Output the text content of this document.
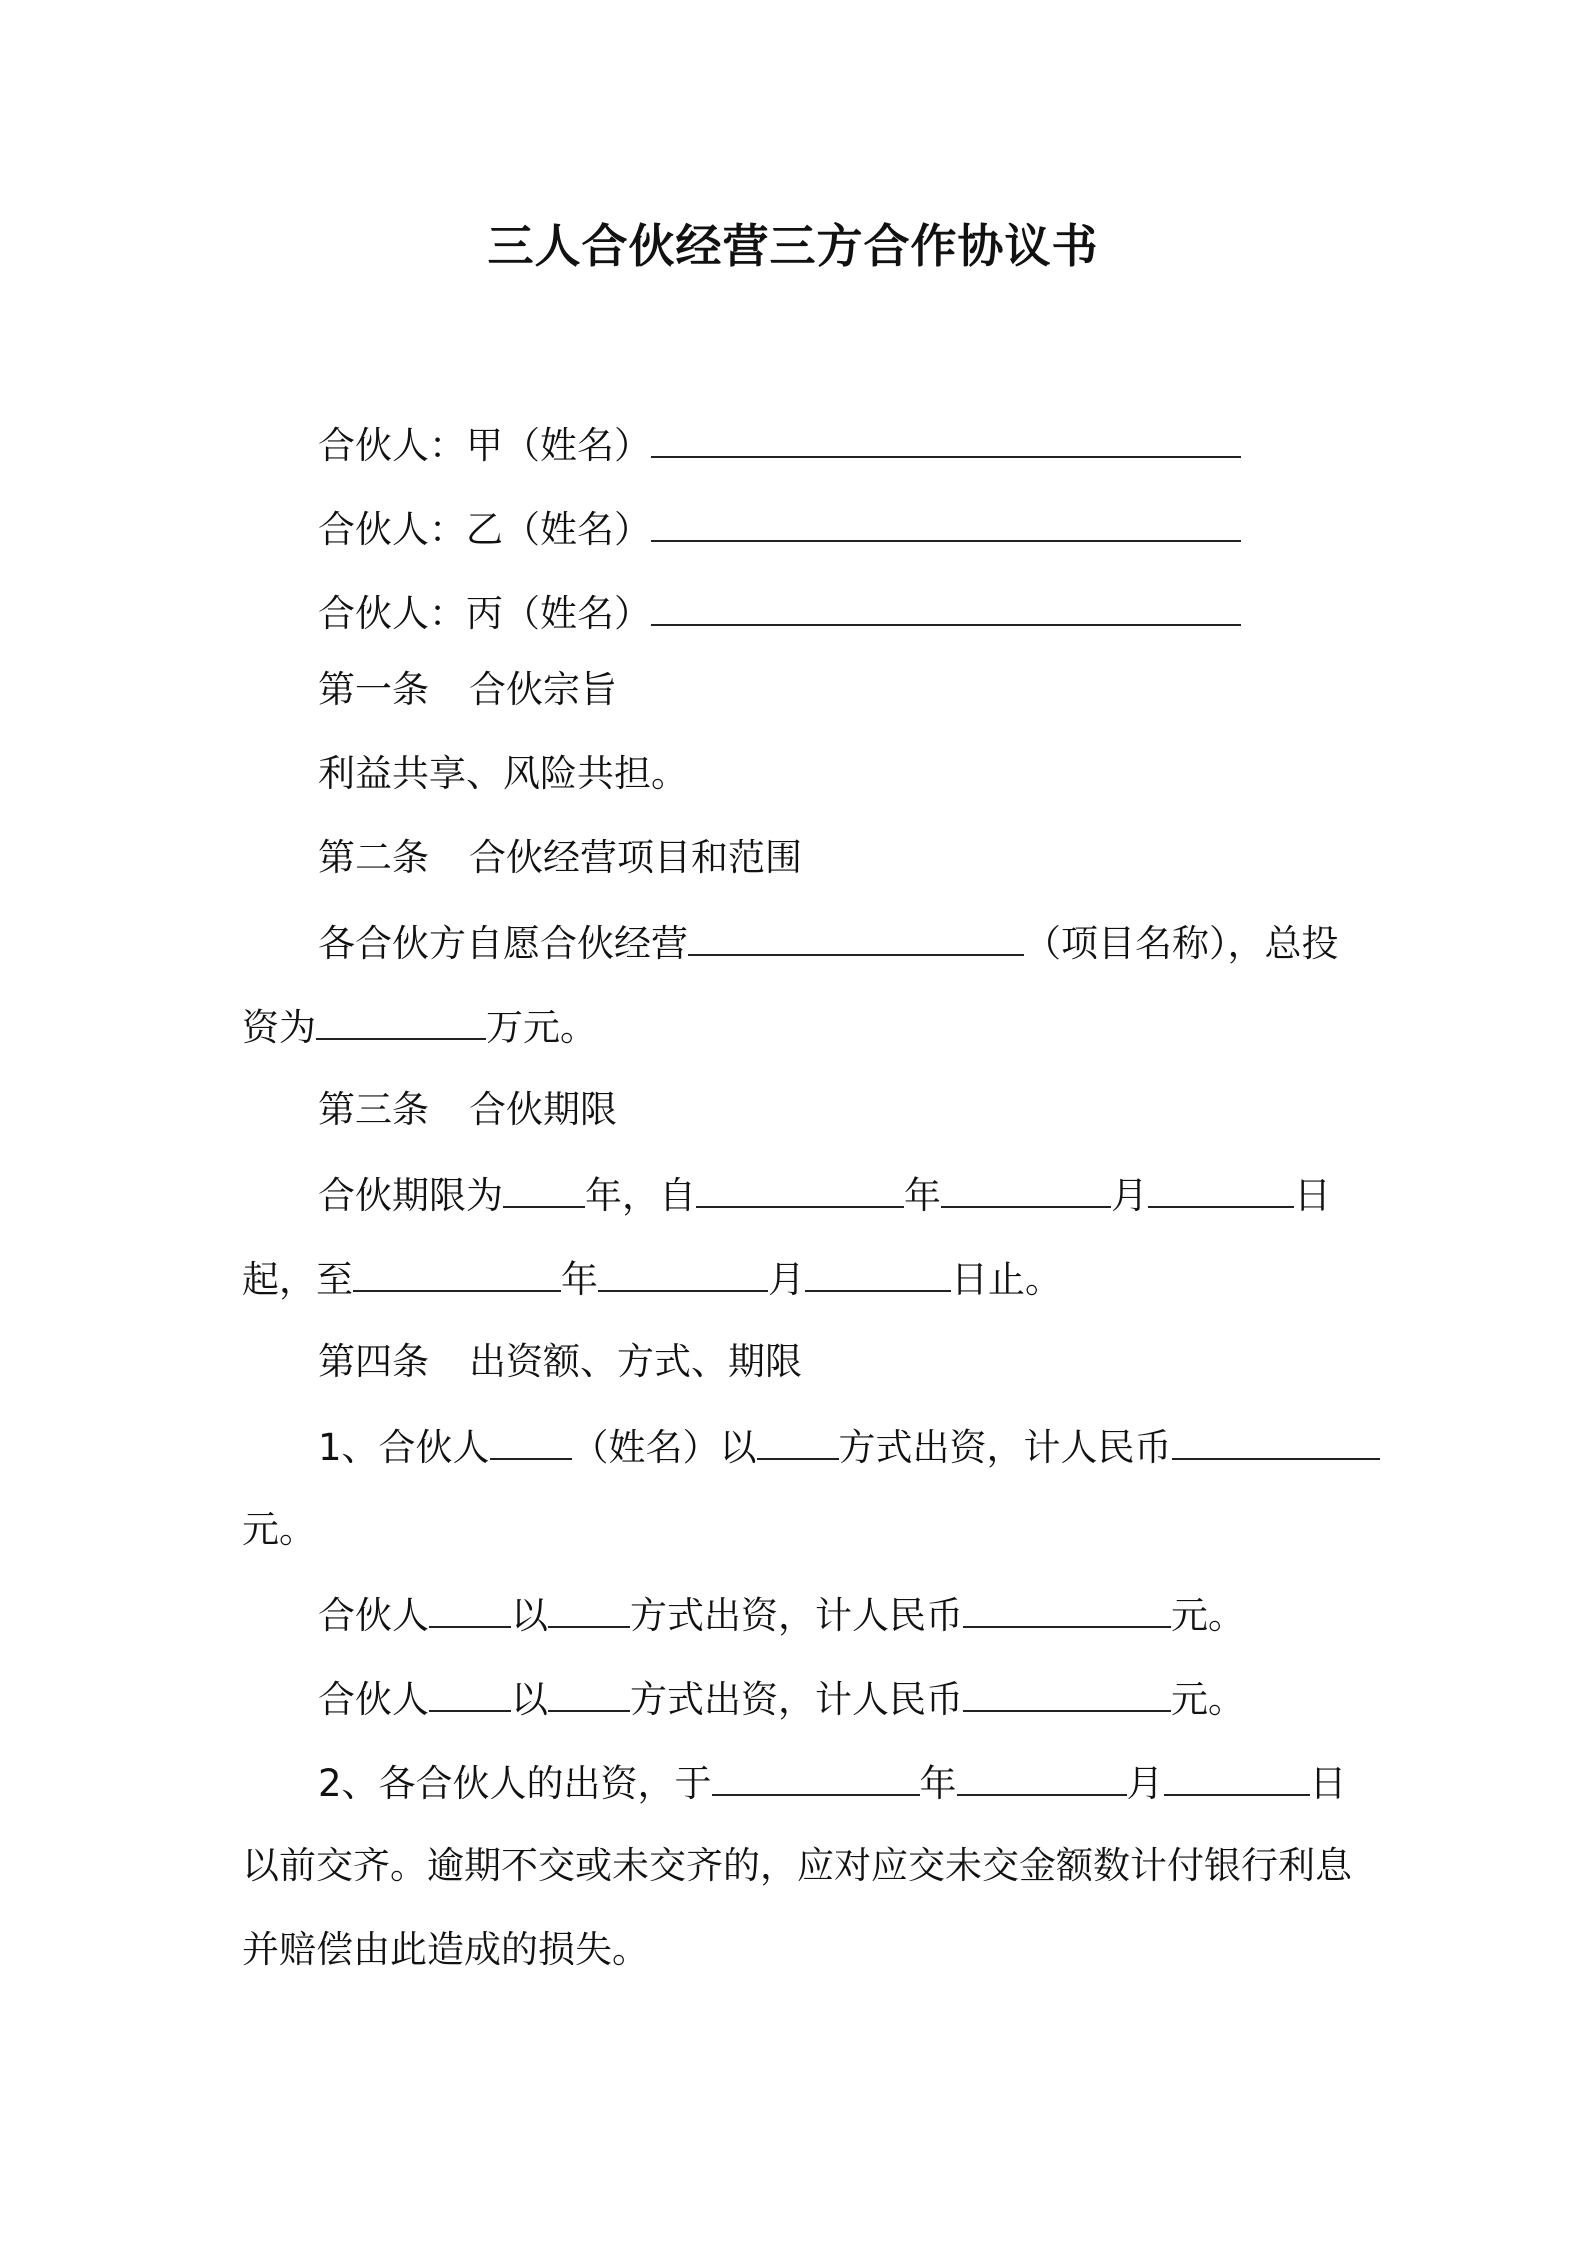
三人合伙经营三方合作协议书
合伙人：甲（姓名）
合伙人：乙（姓名）
合伙人：丙（姓名）
第一条 合伙宗旨
利益共享、风险共担。
第二条 合伙经营项目和范围
各合伙方自愿合伙经营	（项目名称），总投
资为	万元。
第三条 合伙期限
合伙期限为 年，自	年	月	日
起，至	年	月	日止。
第四条 出资额、方式、期限
1、合伙人 （姓名）以 方式出资，计人民币
元。
合伙人 以 方式出资，计人民币	元。
合伙人 以 方式出资，计人民币	元。
2、各合伙人的出资，于	年	月	日
以前交齐。逾期不交或未交齐的，应对应交未交金额数计付银行利息
并赔偿由此造成的损失。
